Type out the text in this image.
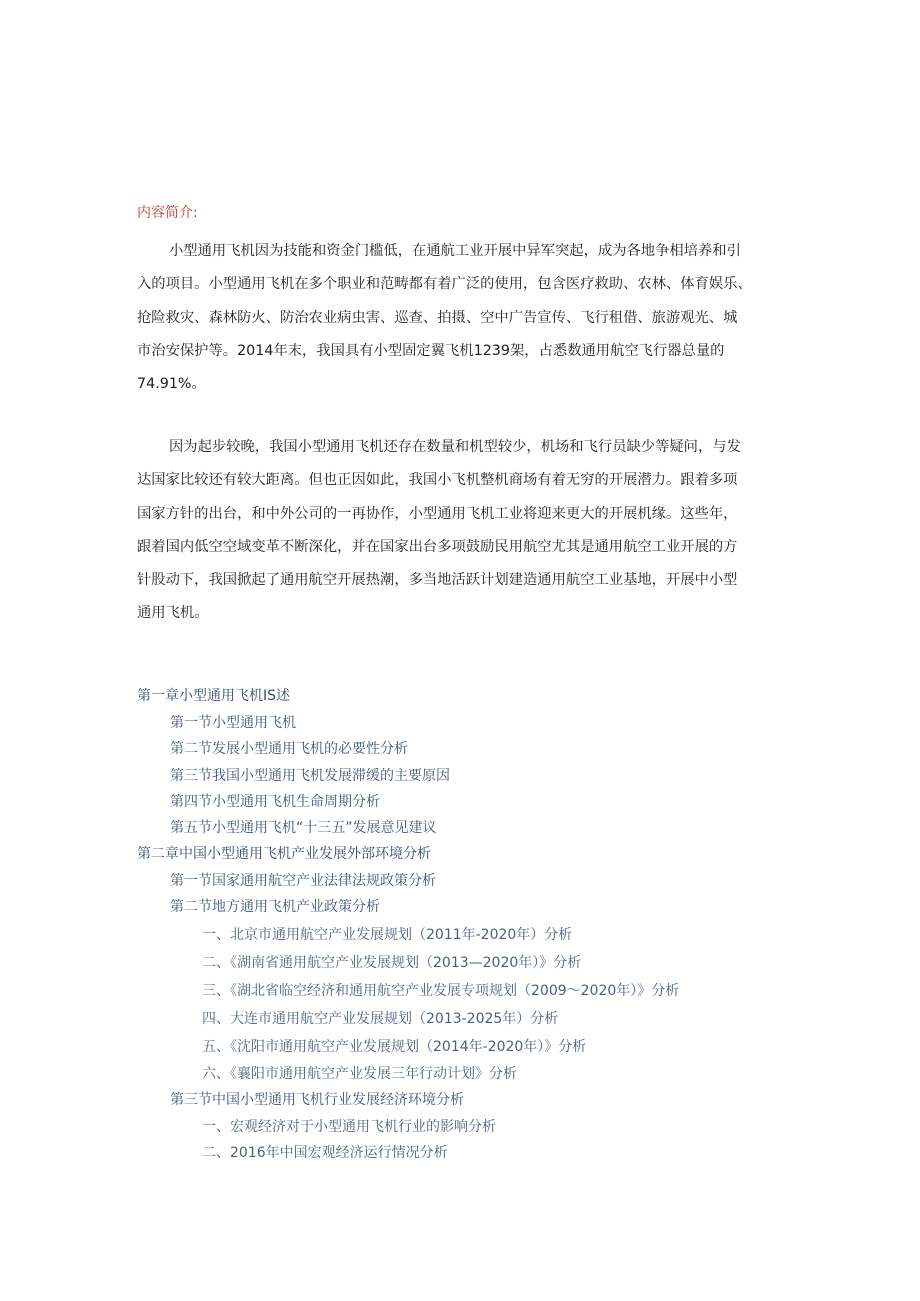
内容简介:

小型通用飞机因为技能和资金门槛低，在通航工业开展中异军突起，成为各地争相培养和引
入的项目。小型通用飞机在多个职业和范畴都有着广泛的使用，包含医疗救助、农林、体育娱乐、
抢险救灾、森林防火、防治农业病虫害、巡查、拍摄、空中广告宣传、飞行租借、旅游观光、城
市治安保护等。2014年末，我国具有小型固定翼飞机1239架，占悉数通用航空飞行器总量的
74.91%。
因为起步较晚，我国小型通用飞机还存在数量和机型较少，机场和飞行员缺少等疑问，与发
达国家比较还有较大距离。但也正因如此，我国小飞机整机商场有着无穷的开展潜力。跟着多项
国家方针的出台，和中外公司的一再协作，小型通用飞机工业将迎来更大的开展机缘。这些年，
跟着国内低空空域变革不断深化，并在国家出台多项鼓励民用航空尤其是通用航空工业开展的方
针股动下，我国掀起了通用航空开展热潮，多当地活跃计划建造通用航空工业基地，开展中小型
通用飞机。
第一章小型通用飞机IS述
第一节小型通用飞机
第二节发展小型通用飞机的必要性分析
第三节我国小型通用飞机发展滞缓的主要原因
第四节小型通用飞机生命周期分析
第五节小型通用飞机“十三五”发展意见建议
第二章中国小型通用飞机产业发展外部环境分析
第一节国家通用航空产业法律法规政策分析
第二节地方通用飞机产业政策分析
一、北京市通用航空产业发展规划（2011年-2020年）分析
二、《湖南省通用航空产业发展规划（2013—2020年）》分析
三、《湖北省临空经济和通用航空产业发展专项规划（2009〜2020年）》分析
四、大连市通用航空产业发展规划（2013-2025年）分析
五、《沈阳市通用航空产业发展规划（2014年-2020年）》分析
六、《襄阳市通用航空产业发展三年行动计划》分析
第三节中国小型通用飞机行业发展经济环境分析
一、宏观经济对于小型通用飞机行业的影响分析
二、2016年中国宏观经济运行情况分析
